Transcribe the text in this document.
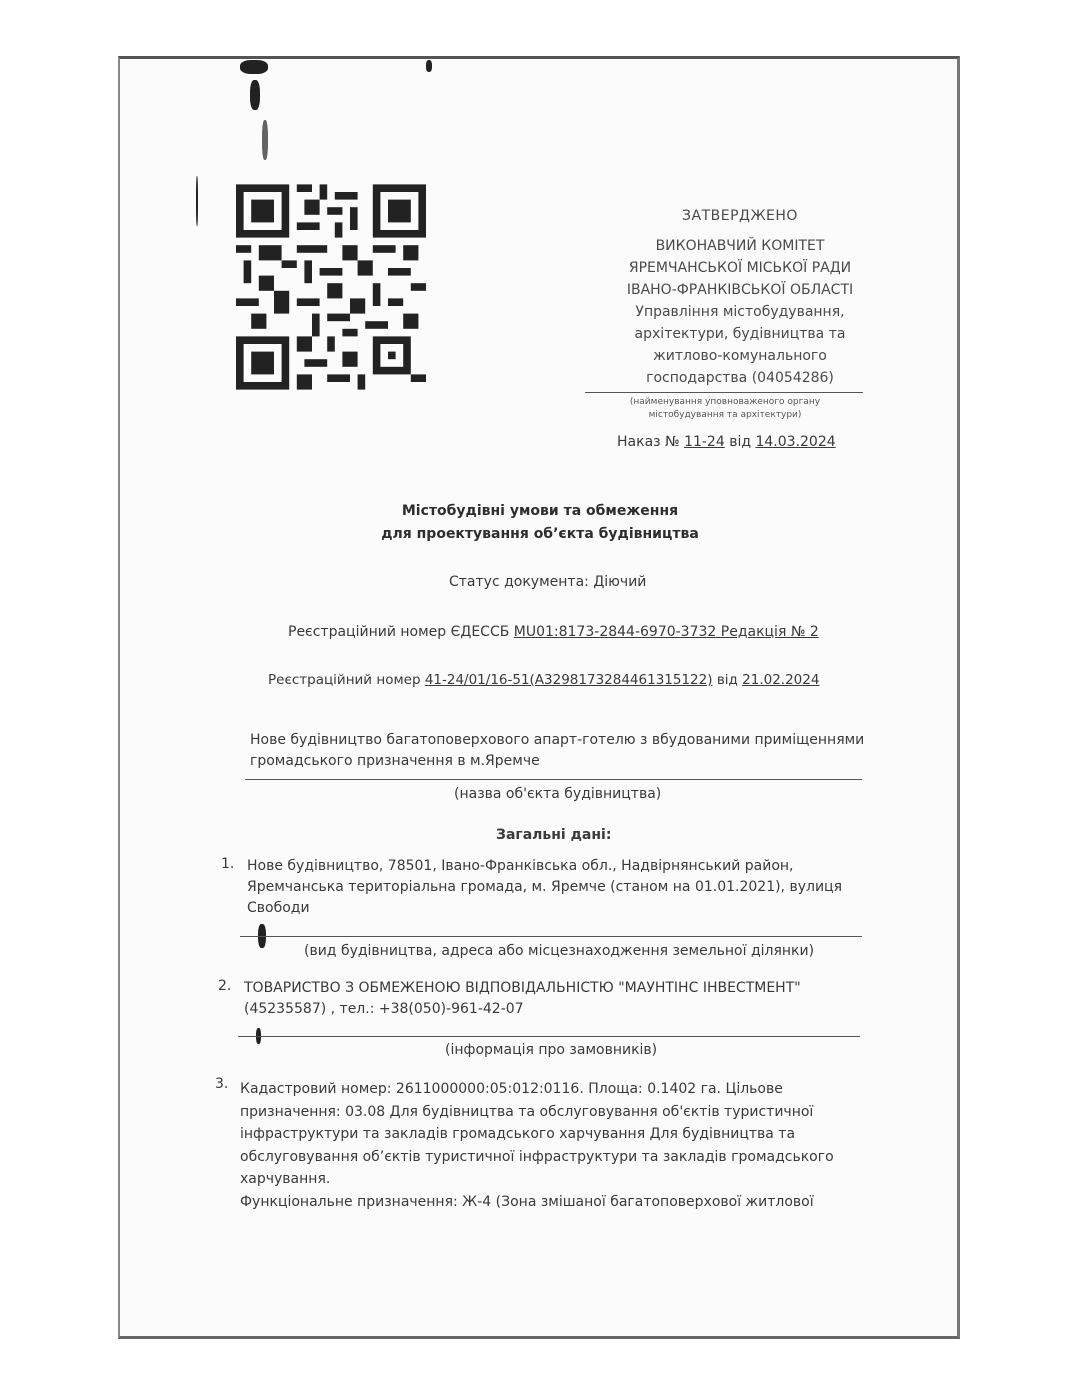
ЗАТВЕРДЖЕНО
ВИКОНАВЧИЙ КОМІТЕТ
ЯРЕМЧАНСЬКОЇ МІСЬКОЇ РАДИ
ІВАНО-ФРАНКІВСЬКОЇ ОБЛАСТІ
Управління містобудування,
архітектури, будівництва та
житлово-комунального
господарства (04054286)
(найменування уповноваженого органу
містобудування та архітектури)
Наказ № 11-24 від 14.03.2024
Містобудівні умови та обмеження
для проектування об’єкта будівництва
Статус документа: Діючий
Реєстраційний номер ЄДЕССБ MU01:8173-2844-6970-3732 Редакція № 2
Реєстраційний номер 41-24/01/16-51(A32981732844613151​22) від 21.02.2024
Нове будівництво багатоповерхового апарт-готелю з вбудованими приміщеннями
громадського призначення в м.Яремче
(назва об'єкта будівництва)
Загальні дані:
1. Нове будівництво, 78501, Івано-Франківська обл., Надвірнянський район,
Яремчанська територіальна громада, м. Яремче (станом на 01.01.2021), вулиця
Свободи
(вид будівництва, адреса або місцезнаходження земельної ділянки)
2. ТОВАРИСТВО З ОБМЕЖЕНОЮ ВІДПОВІДАЛЬНІСТЮ "МАУНТІНС ІНВЕСТМЕНТ"
(45235587) , тел.: +38(050)-961-42-07
(інформація про замовників)
3. Кадастровий номер: 2611000000:05:012:0116. Площа: 0.1402 га. Цільове
призначення: 03.08 Для будівництва та обслуговування об'єктів туристичної
інфраструктури та закладів громадського харчування Для будівництва та
обслуговування об’єктів туристичної інфраструктури та закладів громадського
харчування.
Функціональне призначення: Ж-4 (Зона змішаної багатоповерхової житлової
